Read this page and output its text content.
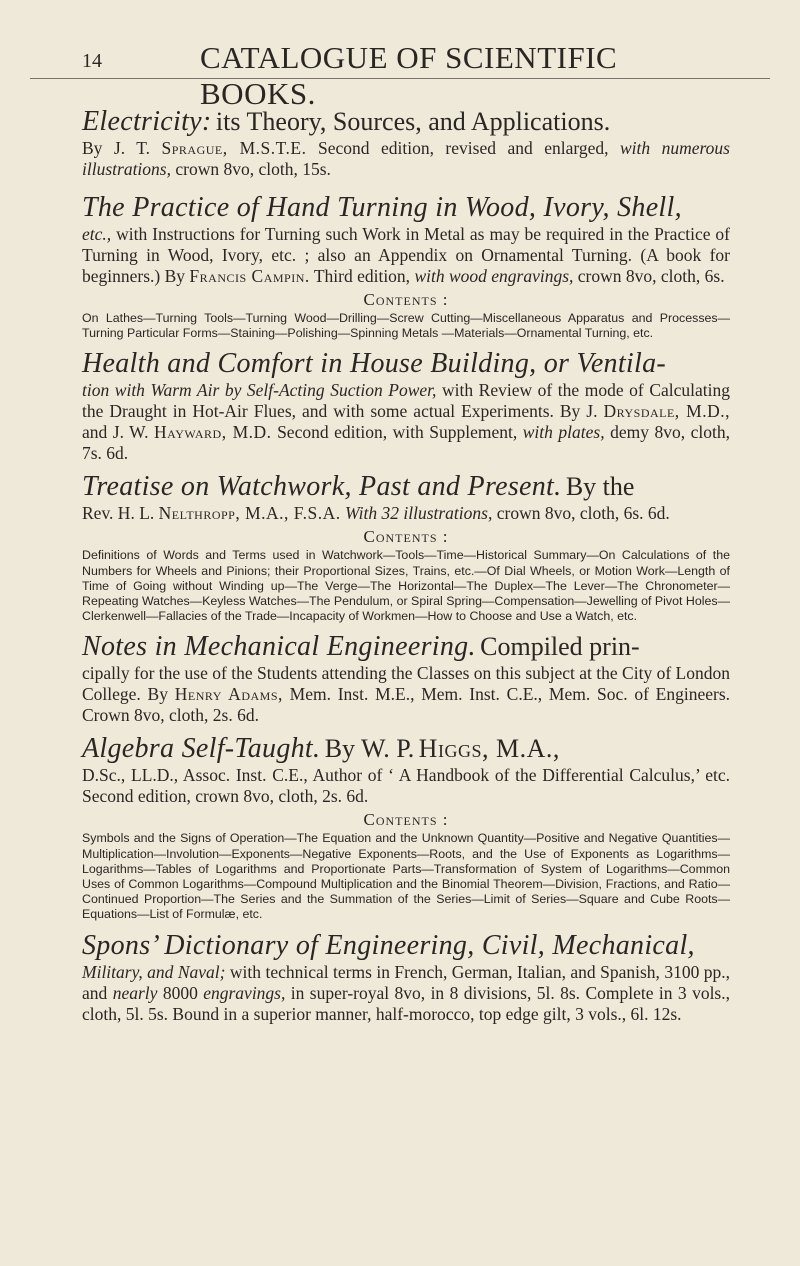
14	CATALOGUE OF SCIENTIFIC BOOKS.

Electricity: its Theory, Sources, and Applications.
By J. T. Sprague, M.S.T.E. Second edition, revised and enlarged, with numerous illustrations, crown 8vo, cloth, 15s.

The Practice of Hand Turning in Wood, Ivory, Shell,
etc., with Instructions for Turning such Work in Metal as may be required in the Practice of Turning in Wood, Ivory, etc. ; also an Appendix on Ornamental Turning. (A book for beginners.) By Francis Campin. Third edition, with wood engravings, crown 8vo, cloth, 6s.

Contents :

On Lathes—Turning Tools—Turning Wood—Drilling—Screw Cutting—Miscellaneous Apparatus and Processes—Turning Particular Forms—Staining—Polishing—Spinning Metals —Materials—Ornamental Turning, etc.

Health and Comfort in House Building, or Ventila-
tion with Warm Air by Self-Acting Suction Power, with Review of the mode of Calculating the Draught in Hot-Air Flues, and with some actual Experiments. By J. Drysdale, M.D., and J. W. Hayward, M.D. Second edition, with Supplement, with plates, demy 8vo, cloth, 7s. 6d.

Treatise on Watchwork, Past and Present. By the
Rev. H. L. Nelthropp, M.A., F.S.A. With 32 illustrations, crown 8vo, cloth, 6s. 6d.

Contents :

Definitions of Words and Terms used in Watchwork—Tools—Time—Historical Summary—On Calculations of the Numbers for Wheels and Pinions; their Proportional Sizes, Trains, etc.—Of Dial Wheels, or Motion Work—Length of Time of Going without Winding up—The Verge—The Horizontal—The Duplex—The Lever—The Chronometer—Repeating Watches—Keyless Watches—The Pendulum, or Spiral Spring—Compensation—Jewelling of Pivot Holes—Clerkenwell—Fallacies of the Trade—Incapacity of Workmen—How to Choose and Use a Watch, etc.

Notes in Mechanical Engineering. Compiled prin-
cipally for the use of the Students attending the Classes on this subject at the City of London College. By Henry Adams, Mem. Inst. M.E., Mem. Inst. C.E., Mem. Soc. of Engineers. Crown 8vo, cloth, 2s. 6d.

Algebra Self-Taught. By W. P. Higgs, M.A.,
D.Sc., LL.D., Assoc. Inst. C.E., Author of ‘ A Handbook of the Differential Calculus,’ etc. Second edition, crown 8vo, cloth, 2s. 6d.

Contents :

Symbols and the Signs of Operation—The Equation and the Unknown Quantity—Positive and Negative Quantities—Multiplication—Involution—Exponents—Negative Exponents—Roots, and the Use of Exponents as Logarithms—Logarithms—Tables of Logarithms and Proportionate Parts—Transformation of System of Logarithms—Common Uses of Common Logarithms—Compound Multiplication and the Binomial Theorem—Division, Fractions, and Ratio—Continued Proportion—The Series and the Summation of the Series—Limit of Series—Square and Cube Roots—Equations—List of Formulæ, etc.

Spons’ Dictionary of Engineering, Civil, Mechanical,
Military, and Naval; with technical terms in French, German, Italian, and Spanish, 3100 pp., and nearly 8000 engravings, in super-royal 8vo, in 8 divisions, 5l. 8s. Complete in 3 vols., cloth, 5l. 5s. Bound in a superior manner, half-morocco, top edge gilt, 3 vols., 6l. 12s.
